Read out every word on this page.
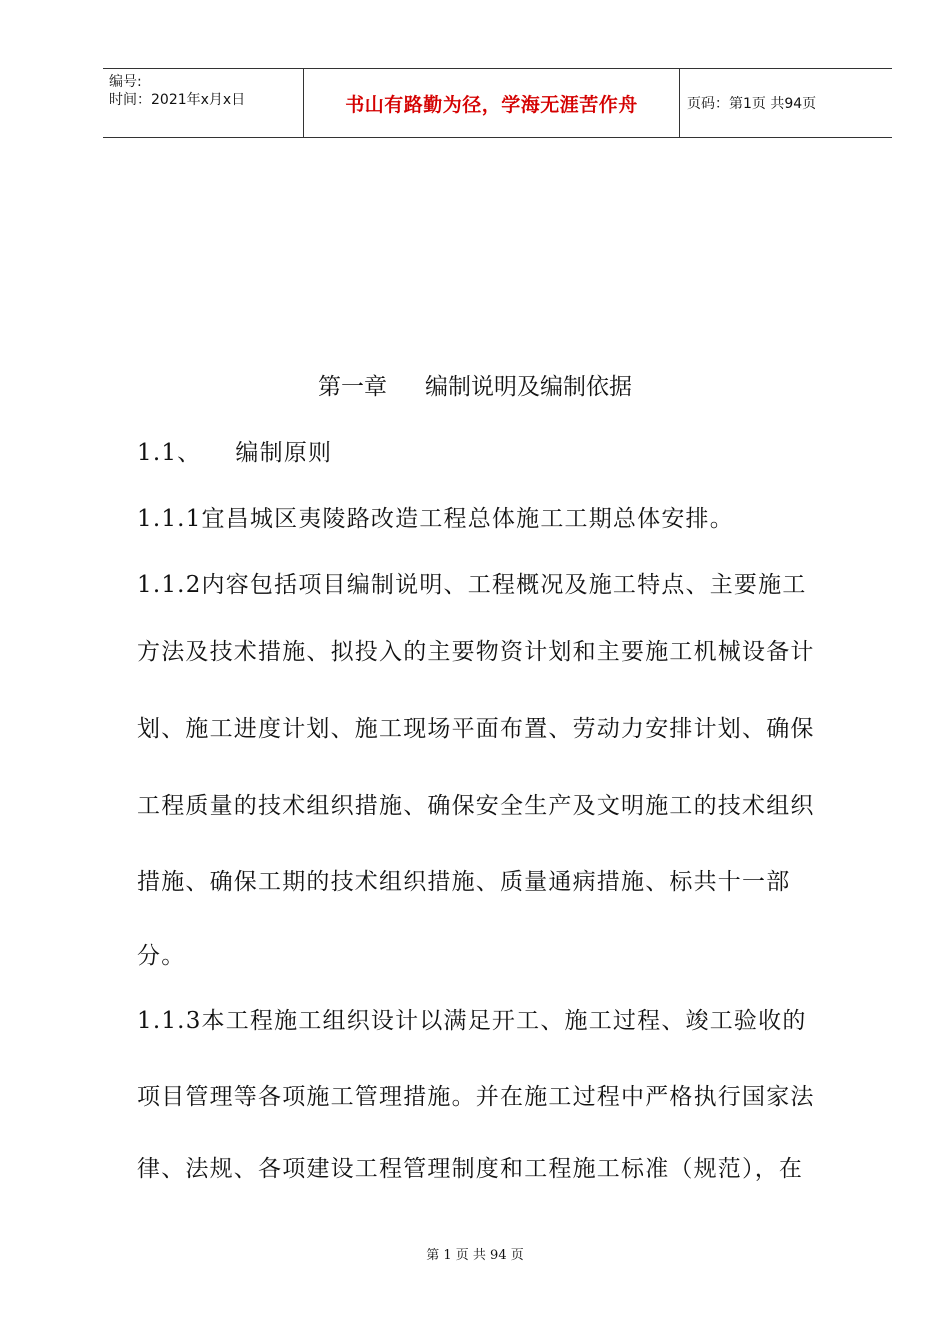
编号:
时间：2021年x月x日	书山有路勤为径，学海无涯苦作舟	页码：第1页 共94页
第一章 编制说明及编制依据
1.1、    编制原则
1.1.1宜昌城区夷陵路改造工程总体施工工期总体安排。
1.1.2内容包括项目编制说明、工程概况及施工特点、主要施工
方法及技术措施、拟投入的主要物资计划和主要施工机械设备计
划、施工进度计划、施工现场平面布置、劳动力安排计划、确保
工程质量的技术组织措施、确保安全生产及文明施工的技术组织
措施、确保工期的技术组织措施、质量通病措施、标共十一部
分。
1.1.3本工程施工组织设计以满足开工、施工过程、竣工验收的
项目管理等各项施工管理措施。并在施工过程中严格执行国家法
律、法规、各项建设工程管理制度和工程施工标准（规范），在
第 1 页 共 94 页
